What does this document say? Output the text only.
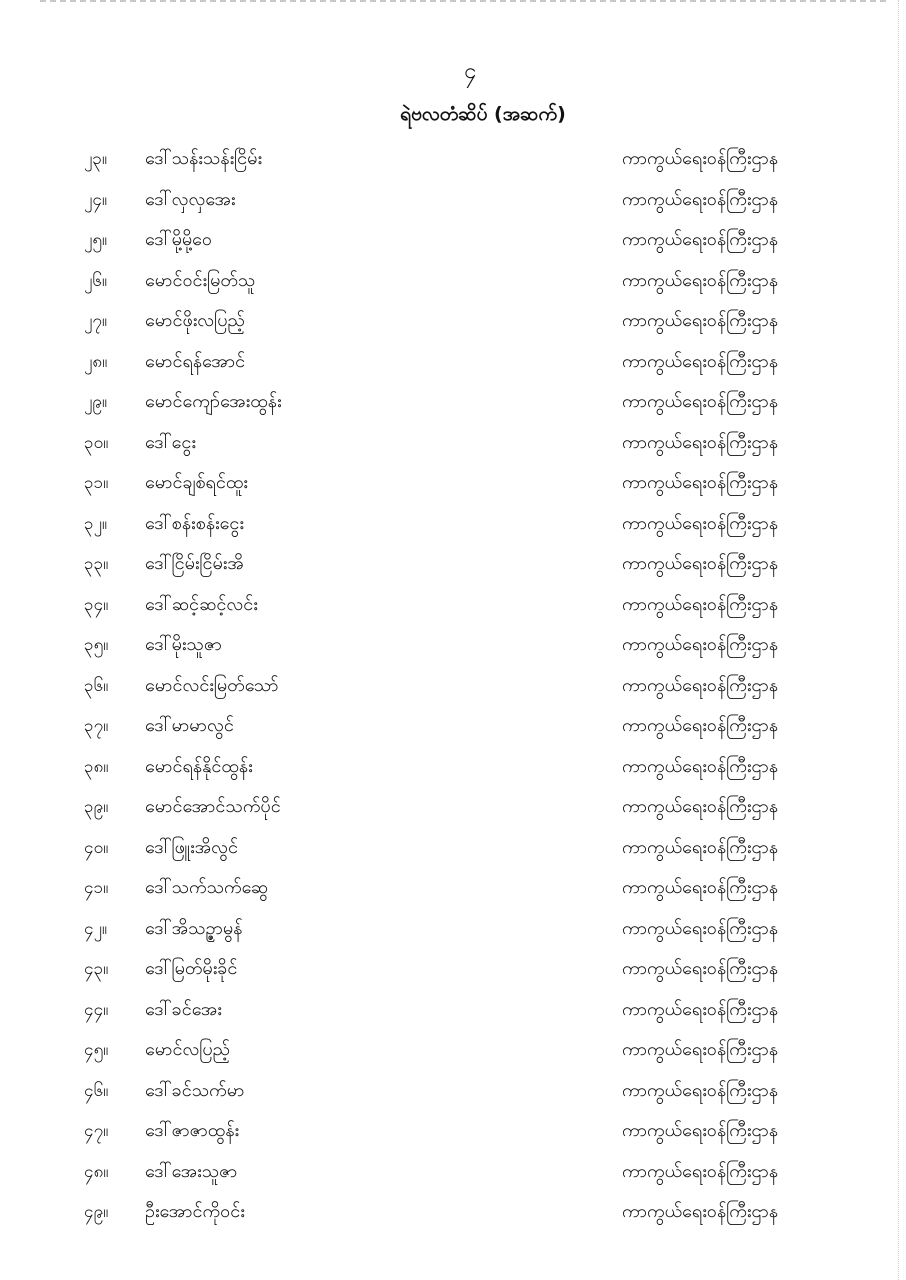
၄
ရဲဗလတံဆိပ် (အဆက်)
၂၃။ ဒေါ်သန်းသန်းငြိမ်း	ကာကွယ်ရေးဝန်ကြီးဌာန
၂၄။ ဒေါ်လှလှအေး	ကာကွယ်ရေးဝန်ကြီးဌာန
၂၅။ ဒေါ်မို့မို့ဝေ	ကာကွယ်ရေးဝန်ကြီးဌာန
၂၆။ မောင်ဝင်းမြတ်သူ	ကာကွယ်ရေးဝန်ကြီးဌာန
၂၇။ မောင်ဖိုးလပြည့်	ကာကွယ်ရေးဝန်ကြီးဌာန
၂၈။ မောင်ရန်အောင်	ကာကွယ်ရေးဝန်ကြီးဌာန
၂၉။ မောင်ကျော်အေးထွန်း	ကာကွယ်ရေးဝန်ကြီးဌာန
၃၀။ ဒေါ်ငွေး	ကာကွယ်ရေးဝန်ကြီးဌာန
၃၁။ မောင်ချစ်ရင်ထူး	ကာကွယ်ရေးဝန်ကြီးဌာန
၃၂။ ဒေါ်စန်းစန်းငွေး	ကာကွယ်ရေးဝန်ကြီးဌာန
၃၃။ ဒေါ်ငြိမ်းငြိမ်းအိ	ကာကွယ်ရေးဝန်ကြီးဌာန
၃၄။ ဒေါ်ဆင့်ဆင့်လင်း	ကာကွယ်ရေးဝန်ကြီးဌာန
၃၅။ ဒေါ်မိုးသူဇာ	ကာကွယ်ရေးဝန်ကြီးဌာန
၃၆။ မောင်လင်းမြတ်သော်	ကာကွယ်ရေးဝန်ကြီးဌာန
၃၇။ ဒေါ်မာမာလွင်	ကာကွယ်ရေးဝန်ကြီးဌာန
၃၈။ မောင်ရန်နိုင်ထွန်း	ကာကွယ်ရေးဝန်ကြီးဌာန
၃၉။ မောင်အောင်သက်ပိုင်	ကာကွယ်ရေးဝန်ကြီးဌာန
၄၀။ ဒေါ်ဖြူးအိလွင်	ကာကွယ်ရေးဝန်ကြီးဌာန
၄၁။ ဒေါ်သက်သက်ဆွေ	ကာကွယ်ရေးဝန်ကြီးဌာန
၄၂။ ဒေါ်အိသဉ္ဇာမွန်	ကာကွယ်ရေးဝန်ကြီးဌာန
၄၃။ ဒေါ်မြတ်မိုးခိုင်	ကာကွယ်ရေးဝန်ကြီးဌာန
၄၄။ ဒေါ်ခင်အေး	ကာကွယ်ရေးဝန်ကြီးဌာန
၄၅။ မောင်လပြည့်	ကာကွယ်ရေးဝန်ကြီးဌာန
၄၆။ ဒေါ်ခင်သက်မာ	ကာကွယ်ရေးဝန်ကြီးဌာန
၄၇။ ဒေါ်ဇာဇာထွန်း	ကာကွယ်ရေးဝန်ကြီးဌာန
၄၈။ ဒေါ်အေးသူဇာ	ကာကွယ်ရေးဝန်ကြီးဌာန
၄၉။ ဦးအောင်ကိုဝင်း	ကာကွယ်ရေးဝန်ကြီးဌာန
